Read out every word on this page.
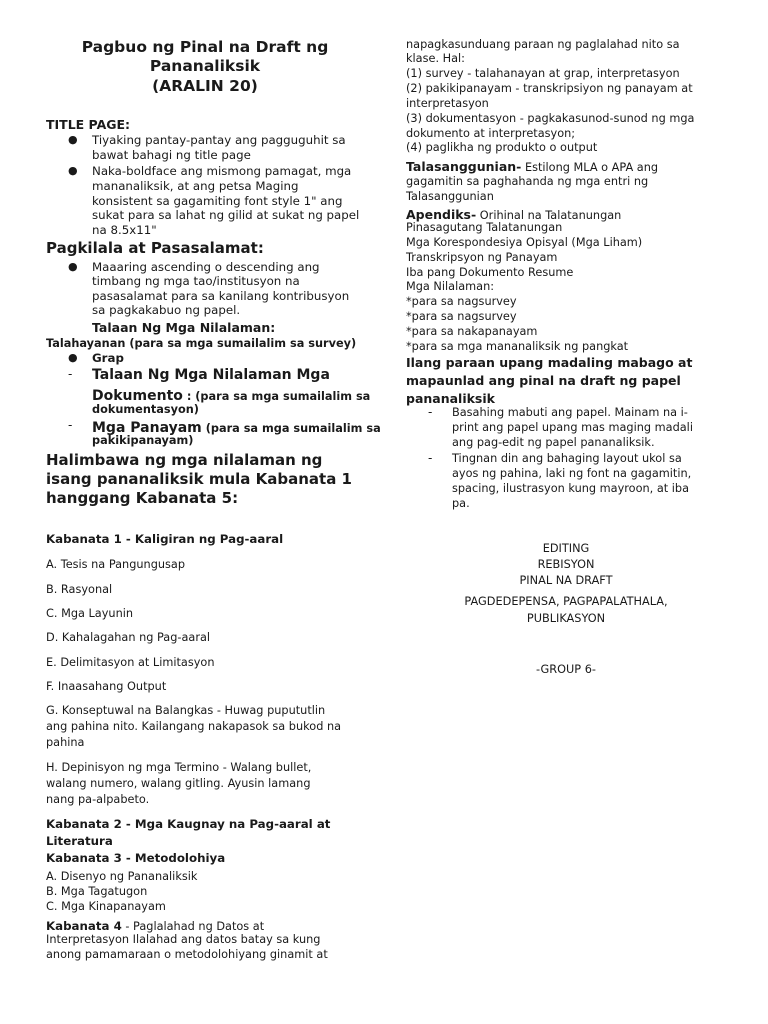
Pagbuo ng Pinal na Draft ng
Pananaliksik
(ARALIN 20)
TITLE PAGE:
● Tiyaking pantay-pantay ang pagguguhit sa
bawat bahagi ng title page
● Naka-boldface ang mismong pamagat, mga
mananaliksik, at ang petsa Maging
konsistent sa gagamiting font style 1" ang
sukat para sa lahat ng gilid at sukat ng papel
na 8.5x11"
Pagkilala at Pasasalamat:
● Maaaring ascending o descending ang
timbang ng mga tao/institusyon na
pasasalamat para sa kanilang kontribusyon
sa pagkakabuo ng papel.
Talaan Ng Mga Nilalaman:
Talahayanan (para sa mga sumailalim sa survey)
● Grap
- Talaan Ng Mga Nilalaman Mga
Dokumento : (para sa mga sumailalim sa
dokumentasyon)
- Mga Panayam (para sa mga sumailalim sa
pakikipanayam)
Halimbawa ng mga nilalaman ng
isang pananaliksik mula Kabanata 1
hanggang Kabanata 5:
Kabanata 1 - Kaligiran ng Pag-aaral
A. Tesis na Pangungusap
B. Rasyonal
C. Mga Layunin
D. Kahalagahan ng Pag-aaral
E. Delimitasyon at Limitasyon
F. Inaasahang Output
G. Konseptuwal na Balangkas - Huwag pupututlin
ang pahina nito. Kailangang nakapasok sa bukod na
pahina
H. Depinisyon ng mga Termino - Walang bullet,
walang numero, walang gitling. Ayusin lamang
nang pa-alpabeto.
Kabanata 2 - Mga Kaugnay na Pag-aaral at
Literatura
Kabanata 3 - Metodolohiya
A. Disenyo ng Pananaliksik
B. Mga Tagatugon
C. Mga Kinapanayam
Kabanata 4 - Paglalahad ng Datos at
Interpretasyon Ilalahad ang datos batay sa kung
anong pamamaraan o metodolohiyang ginamit at
napagkasunduang paraan ng paglalahad nito sa
klase. Hal:
(1) survey - talahanayan at grap, interpretasyon
(2) pakikipanayam - transkripsiyon ng panayam at
interpretasyon
(3) dokumentasyon - pagkakasunod-sunod ng mga
dokumento at interpretasyon;
(4) paglikha ng produkto o output
Talasanggunian- Estilong MLA o APA ang
gagamitin sa paghahanda ng mga entri ng
Talasanggunian
Apendiks- Orihinal na Talatanungan
Pinasagutang Talatanungan
Mga Korespondesiya Opisyal (Mga Liham)
Transkripsyon ng Panayam
Iba pang Dokumento Resume
Mga Nilalaman:
*para sa nagsurvey
*para sa nagsurvey
*para sa nakapanayam
*para sa mga mananaliksik ng pangkat
Ilang paraan upang madaling mabago at
mapaunlad ang pinal na draft ng papel
pananaliksik
- Basahing mabuti ang papel. Mainam na i-
print ang papel upang mas maging madali
ang pag-edit ng papel pananaliksik.
- Tingnan din ang bahaging layout ukol sa
ayos ng pahina, laki ng font na gagamitin,
spacing, ilustrasyon kung mayroon, at iba
pa.
EDITING
REBISYON
PINAL NA DRAFT
PAGDEDEPENSA, PAGPAPALATHALA,
PUBLIKASYON
-GROUP 6-
